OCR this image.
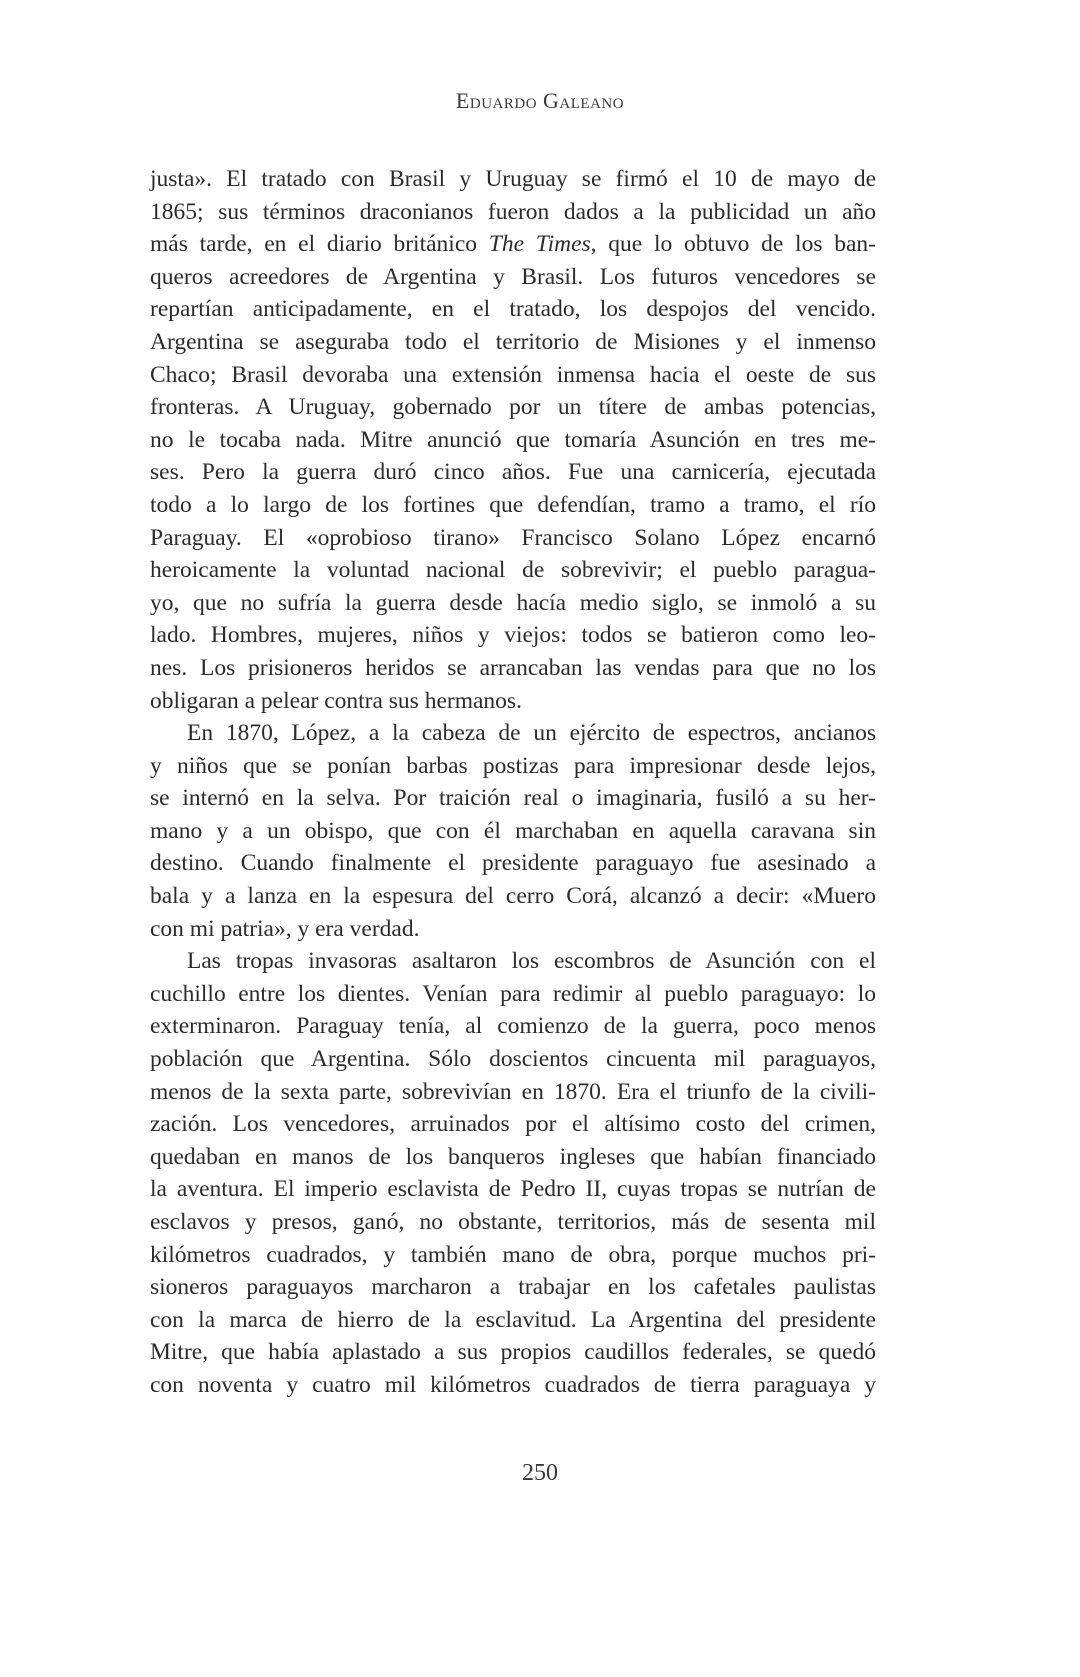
Eduardo Galeano
justa». El tratado con Brasil y Uruguay se firmó el 10 de mayo de
1865; sus términos draconianos fueron dados a la publicidad un año
más tarde, en el diario británico The Times, que lo obtuvo de los ban-
queros acreedores de Argentina y Brasil. Los futuros vencedores se
repartían anticipadamente, en el tratado, los despojos del vencido.
Argentina se aseguraba todo el territorio de Misiones y el inmenso
Chaco; Brasil devoraba una extensión inmensa hacia el oeste de sus
fronteras. A Uruguay, gobernado por un títere de ambas potencias,
no le tocaba nada. Mitre anunció que tomaría Asunción en tres me-
ses. Pero la guerra duró cinco años. Fue una carnicería, ejecutada
todo a lo largo de los fortines que defendían, tramo a tramo, el río
Paraguay. El «oprobioso tirano» Francisco Solano López encarnó
heroicamente la voluntad nacional de sobrevivir; el pueblo paragua-
yo, que no sufría la guerra desde hacía medio siglo, se inmoló a su
lado. Hombres, mujeres, niños y viejos: todos se batieron como leo-
nes. Los prisioneros heridos se arrancaban las vendas para que no los
obligaran a pelear contra sus hermanos.
En 1870, López, a la cabeza de un ejército de espectros, ancianos
y niños que se ponían barbas postizas para impresionar desde lejos,
se internó en la selva. Por traición real o imaginaria, fusiló a su her-
mano y a un obispo, que con él marchaban en aquella caravana sin
destino. Cuando finalmente el presidente paraguayo fue asesinado a
bala y a lanza en la espesura del cerro Corá, alcanzó a decir: «Muero
con mi patria», y era verdad.
Las tropas invasoras asaltaron los escombros de Asunción con el
cuchillo entre los dientes. Venían para redimir al pueblo paraguayo: lo
exterminaron. Paraguay tenía, al comienzo de la guerra, poco menos
población que Argentina. Sólo doscientos cincuenta mil paraguayos,
menos de la sexta parte, sobrevivían en 1870. Era el triunfo de la civili-
zación. Los vencedores, arruinados por el altísimo costo del crimen,
quedaban en manos de los banqueros ingleses que habían financiado
la aventura. El imperio esclavista de Pedro II, cuyas tropas se nutrían de
esclavos y presos, ganó, no obstante, territorios, más de sesenta mil
kilómetros cuadrados, y también mano de obra, porque muchos pri-
sioneros paraguayos marcharon a trabajar en los cafetales paulistas
con la marca de hierro de la esclavitud. La Argentina del presidente
Mitre, que había aplastado a sus propios caudillos federales, se quedó
con noventa y cuatro mil kilómetros cuadrados de tierra paraguaya y
250
